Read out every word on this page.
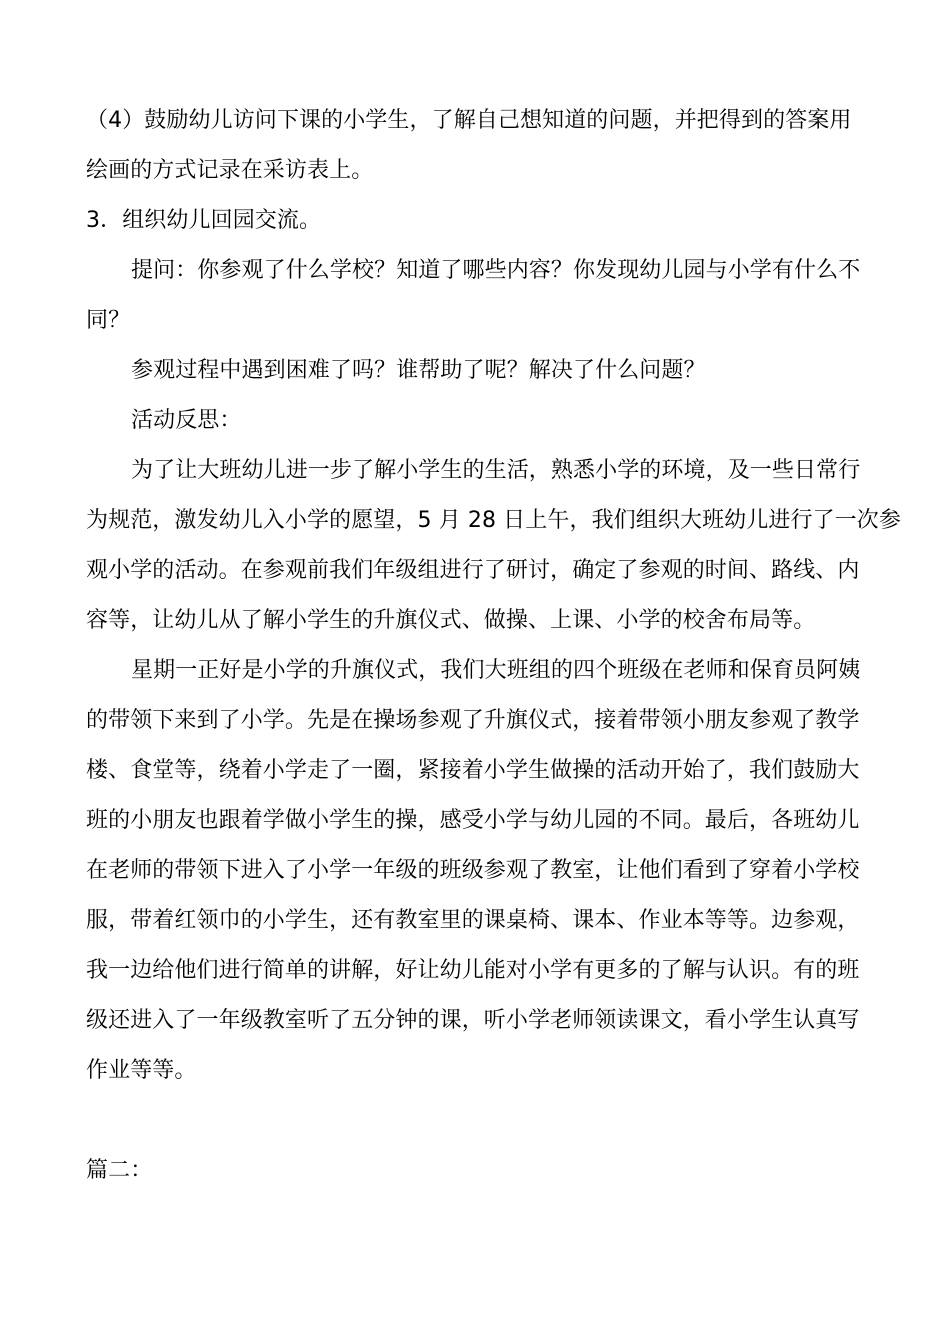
（4）鼓励幼儿访问下课的小学生，了解自己想知道的问题，并把得到的答案用
绘画的方式记录在采访表上。
3．组织幼儿回园交流。
提问：你参观了什么学校？知道了哪些内容？你发现幼儿园与小学有什么不
同？
参观过程中遇到困难了吗？谁帮助了呢？解决了什么问题？
活动反思：
为了让大班幼儿进一步了解小学生的生活，熟悉小学的环境，及一些日常行
为规范，激发幼儿入小学的愿望，5 月 28 日上午，我们组织大班幼儿进行了一次参
观小学的活动。在参观前我们年级组进行了研讨，确定了参观的时间、路线、内
容等，让幼儿从了解小学生的升旗仪式、做操、上课、小学的校舍布局等。
星期一正好是小学的升旗仪式，我们大班组的四个班级在老师和保育员阿姨
的带领下来到了小学。先是在操场参观了升旗仪式，接着带领小朋友参观了教学
楼、食堂等，绕着小学走了一圈，紧接着小学生做操的活动开始了，我们鼓励大
班的小朋友也跟着学做小学生的操，感受小学与幼儿园的不同。最后，各班幼儿
在老师的带领下进入了小学一年级的班级参观了教室，让他们看到了穿着小学校
服，带着红领巾的小学生，还有教室里的课桌椅、课本、作业本等等。边参观，
我一边给他们进行简单的讲解，好让幼儿能对小学有更多的了解与认识。有的班
级还进入了一年级教室听了五分钟的课，听小学老师领读课文，看小学生认真写
作业等等。
篇二：
